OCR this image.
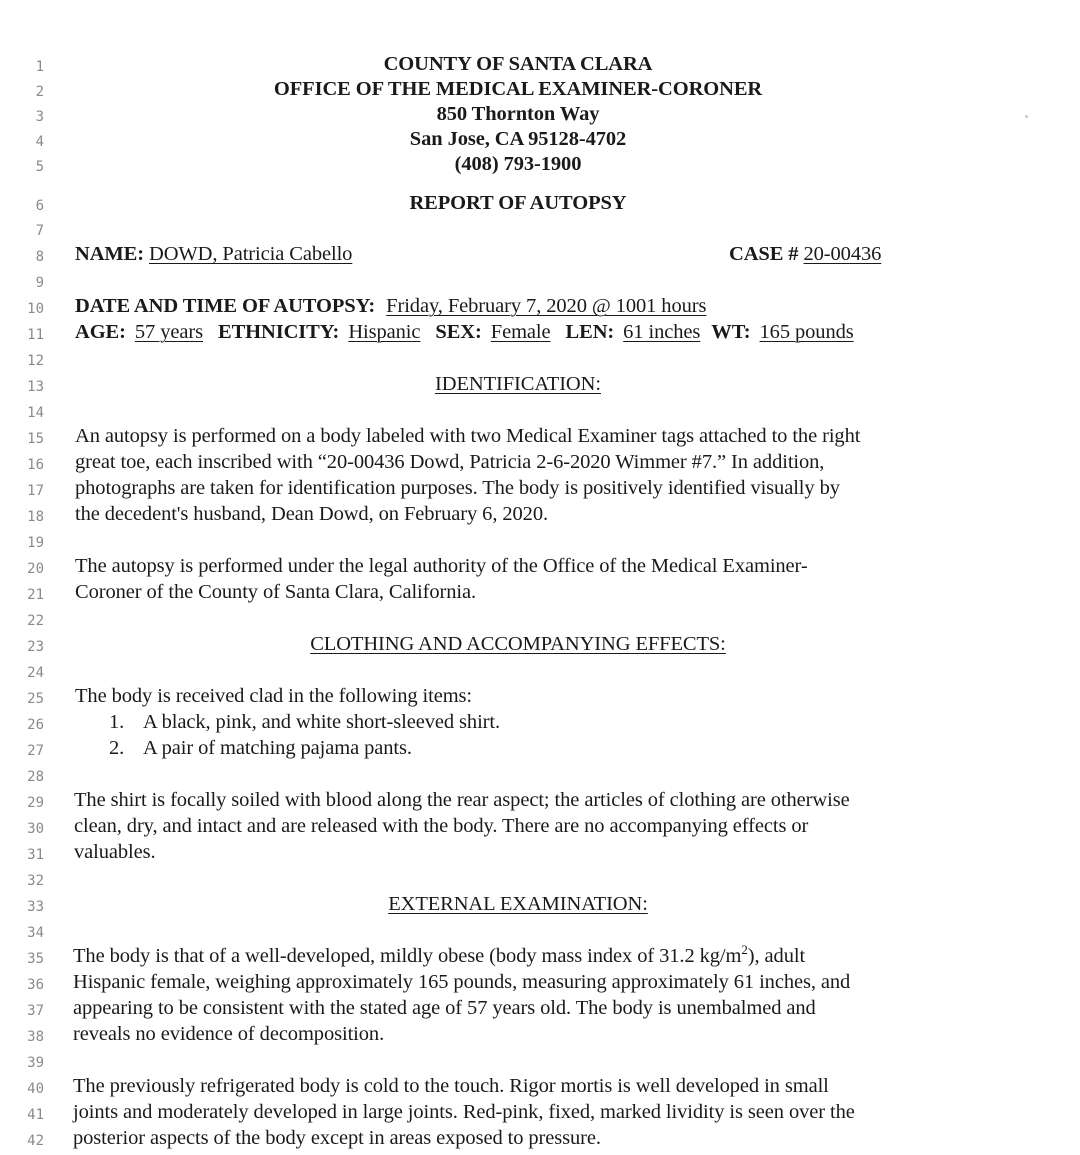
1
2
3
4
5
6
7
8
9
10
11
12
13
14
15
16
17
18
19
20
21
22
23
24
25
26
27
28
29
30
31
32
33
34
35
36
37
38
39
40
41
42
COUNTY OF SANTA CLARA
OFFICE OF THE MEDICAL EXAMINER-CORONER
850 Thornton Way
San Jose, CA 95128-4702
(408) 793-1900
REPORT OF AUTOPSY
NAME: DOWD, Patricia Cabello	CASE # 20-00436
DATE AND TIME OF AUTOPSY: Friday, February 7, 2020 @ 1001 hours
AGE: 57 years ETHNICITY: Hispanic SEX: Female LEN: 61 inches WT: 165 pounds
IDENTIFICATION:
An autopsy is performed on a body labeled with two Medical Examiner tags attached to the right
great toe, each inscribed with “20-00436 Dowd, Patricia 2-6-2020 Wimmer #7.” In addition,
photographs are taken for identification purposes. The body is positively identified visually by
the decedent's husband, Dean Dowd, on February 6, 2020.
The autopsy is performed under the legal authority of the Office of the Medical Examiner-
Coroner of the County of Santa Clara, California.
CLOTHING AND ACCOMPANYING EFFECTS:
The body is received clad in the following items:
1. A black, pink, and white short-sleeved shirt.
2. A pair of matching pajama pants.
The shirt is focally soiled with blood along the rear aspect; the articles of clothing are otherwise
clean, dry, and intact and are released with the body. There are no accompanying effects or
valuables.
EXTERNAL EXAMINATION:
The body is that of a well-developed, mildly obese (body mass index of 31.2 $kg/m^2$), adult
Hispanic female, weighing approximately 165 pounds, measuring approximately 61 inches, and
appearing to be consistent with the stated age of 57 years old. The body is unembalmed and
reveals no evidence of decomposition.
The previously refrigerated body is cold to the touch. Rigor mortis is well developed in small
joints and moderately developed in large joints. Red-pink, fixed, marked lividity is seen over the
posterior aspects of the body except in areas exposed to pressure.
